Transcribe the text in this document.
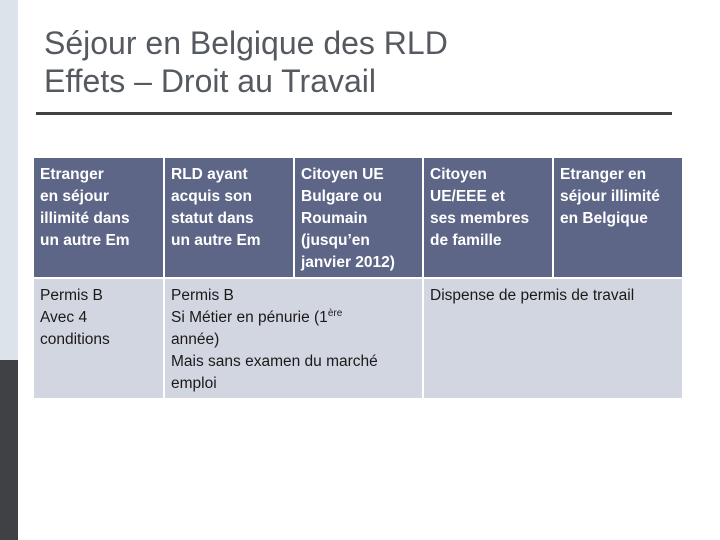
Séjour en Belgique des RLD
Effets – Droit au Travail
Etranger
en séjour
illimité dans
un autre Em	RLD ayant
acquis son
statut dans
un autre Em	Citoyen UE
Bulgare ou
Roumain
(jusqu’en
janvier 2012)	Citoyen
UE/EEE et
ses membres
de famille	Etranger en
séjour illimité
en Belgique

Permis B
Avec 4
conditions	Permis B
Si Métier en pénurie (1ère
année)
Mais sans examen du marché
emploi		Dispense de permis de travail	
